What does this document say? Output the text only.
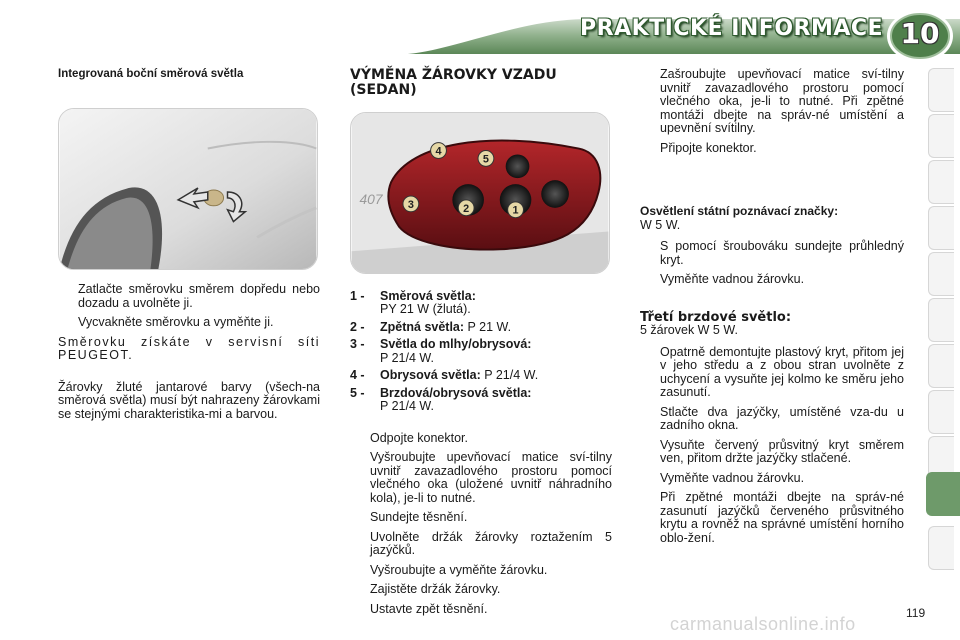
PRAKTICKÉ INFORMACE 10
Integrovaná boční směrová světla
Zatlačte směrovku směrem dopředu nebo dozadu a uvolněte ji.
Vycvakněte směrovku a vyměňte ji.
Směrovku získáte v servisní síti PEUGEOT.
Žárovky žluté jantarové barvy (všech-na směrová světla) musí být nahrazeny žárovkami se stejnými charakteristika-mi a barvou.
VÝMĚNA ŽÁROVKY VZADU (SEDAN)
407
1
2
3
4
5
1 -	Směrová světla:
PY 21 W (žlutá).
2 -	Zpětná světla: P 21 W.
3 -	Světla do mlhy/obrysová:
P 21/4 W.
4 -	Obrysová světla: P 21/4 W.
5 -	Brzdová/obrysová světla:
P 21/4 W.
Odpojte konektor.
Vyšroubujte upevňovací matice sví-tilny uvnitř zavazadlového prostoru pomocí vlečného oka (uložené uvnitř náhradního kola), je-li to nutné.
Sundejte těsnění.
Uvolněte držák žárovky roztažením 5 jazýčků.
Vyšroubujte a vyměňte žárovku.
Zajistěte držák žárovky.
Ustavte zpět těsnění.
Zašroubujte upevňovací matice sví-tilny uvnitř zavazadlového prostoru pomocí vlečného oka, je-li to nutné. Při zpětné montáži dbejte na správ-né umístění a upevnění svítilny.
Připojte konektor.
Osvětlení státní poznávací značky:
W 5 W.
S pomocí šroubováku sundejte průhledný kryt.
Vyměňte vadnou žárovku.
Třetí brzdové světlo:
5 žárovek W 5 W.
Opatrně demontujte plastový kryt, přitom jej v jeho středu a z obou stran uvolněte z uchycení a vysuňte jej kolmo ke směru jeho zasunutí.
Stlačte dva jazýčky, umístěné vza-du u zadního okna.
Vysuňte červený průsvitný kryt směrem ven, přitom držte jazýčky stlačené.
Vyměňte vadnou žárovku.
Při zpětné montáži dbejte na správ-né zasunutí jazýčků červeného průsvitného krytu a rovněž na správné umístění horního oblo-žení.
119
carmanualsonline.info
